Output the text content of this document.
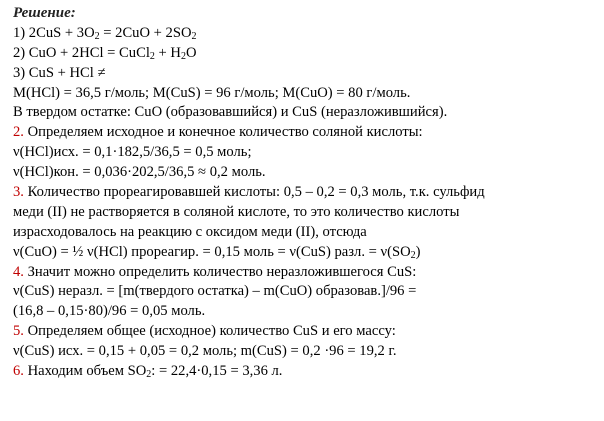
Решение:
1) $2CuS + 3O_2 = 2CuO + 2SO_2$
2) CuO + 2HCl = CuCl$_2$ + $H_2O$
3) CuS + HCl ≠
M(HCl) = 36,5 г/моль; M(CuS) = 96 г/моль; M(CuO) = 80 г/моль.
В твердом остатке: CuO (образовавшийся) и CuS (неразложившийся).
2. Определяем исходное и конечное количество соляной кислоты:
ν(HCl)исх. = 0,1·182,5/36,5 = 0,5 моль;
ν(HCl)кон. = 0,036·202,5/36,5 ≈ 0,2 моль.
3. Количество прореагировавшей кислоты: 0,5 – 0,2 = 0,3 моль, т.к. сульфид
меди (II) не растворяется в соляной кислоте, то это количество кислоты
израсходовалось на реакцию с оксидом меди (II), отсюда
ν(CuO) = ½ ν(HCl) прореагир. = 0,15 моль = ν(CuS) разл. = $\nu(SO_2)$
4. Значит можно определить количество неразложившегося CuS:
ν(CuS) неразл. = [m(твердого остатка) – m(CuO) образовав.]/96 =
(16,8 – 0,15·80)/96 = 0,05 моль.
5. Определяем общее (исходное) количество CuS и его массу:
ν(CuS) исх. = 0,15 + 0,05 = 0,2 моль; m(CuS) = 0,2 ·96 = 19,2 г.
6. Находим объем $SO_2$: = 22,4·0,15 = 3,36 л.
